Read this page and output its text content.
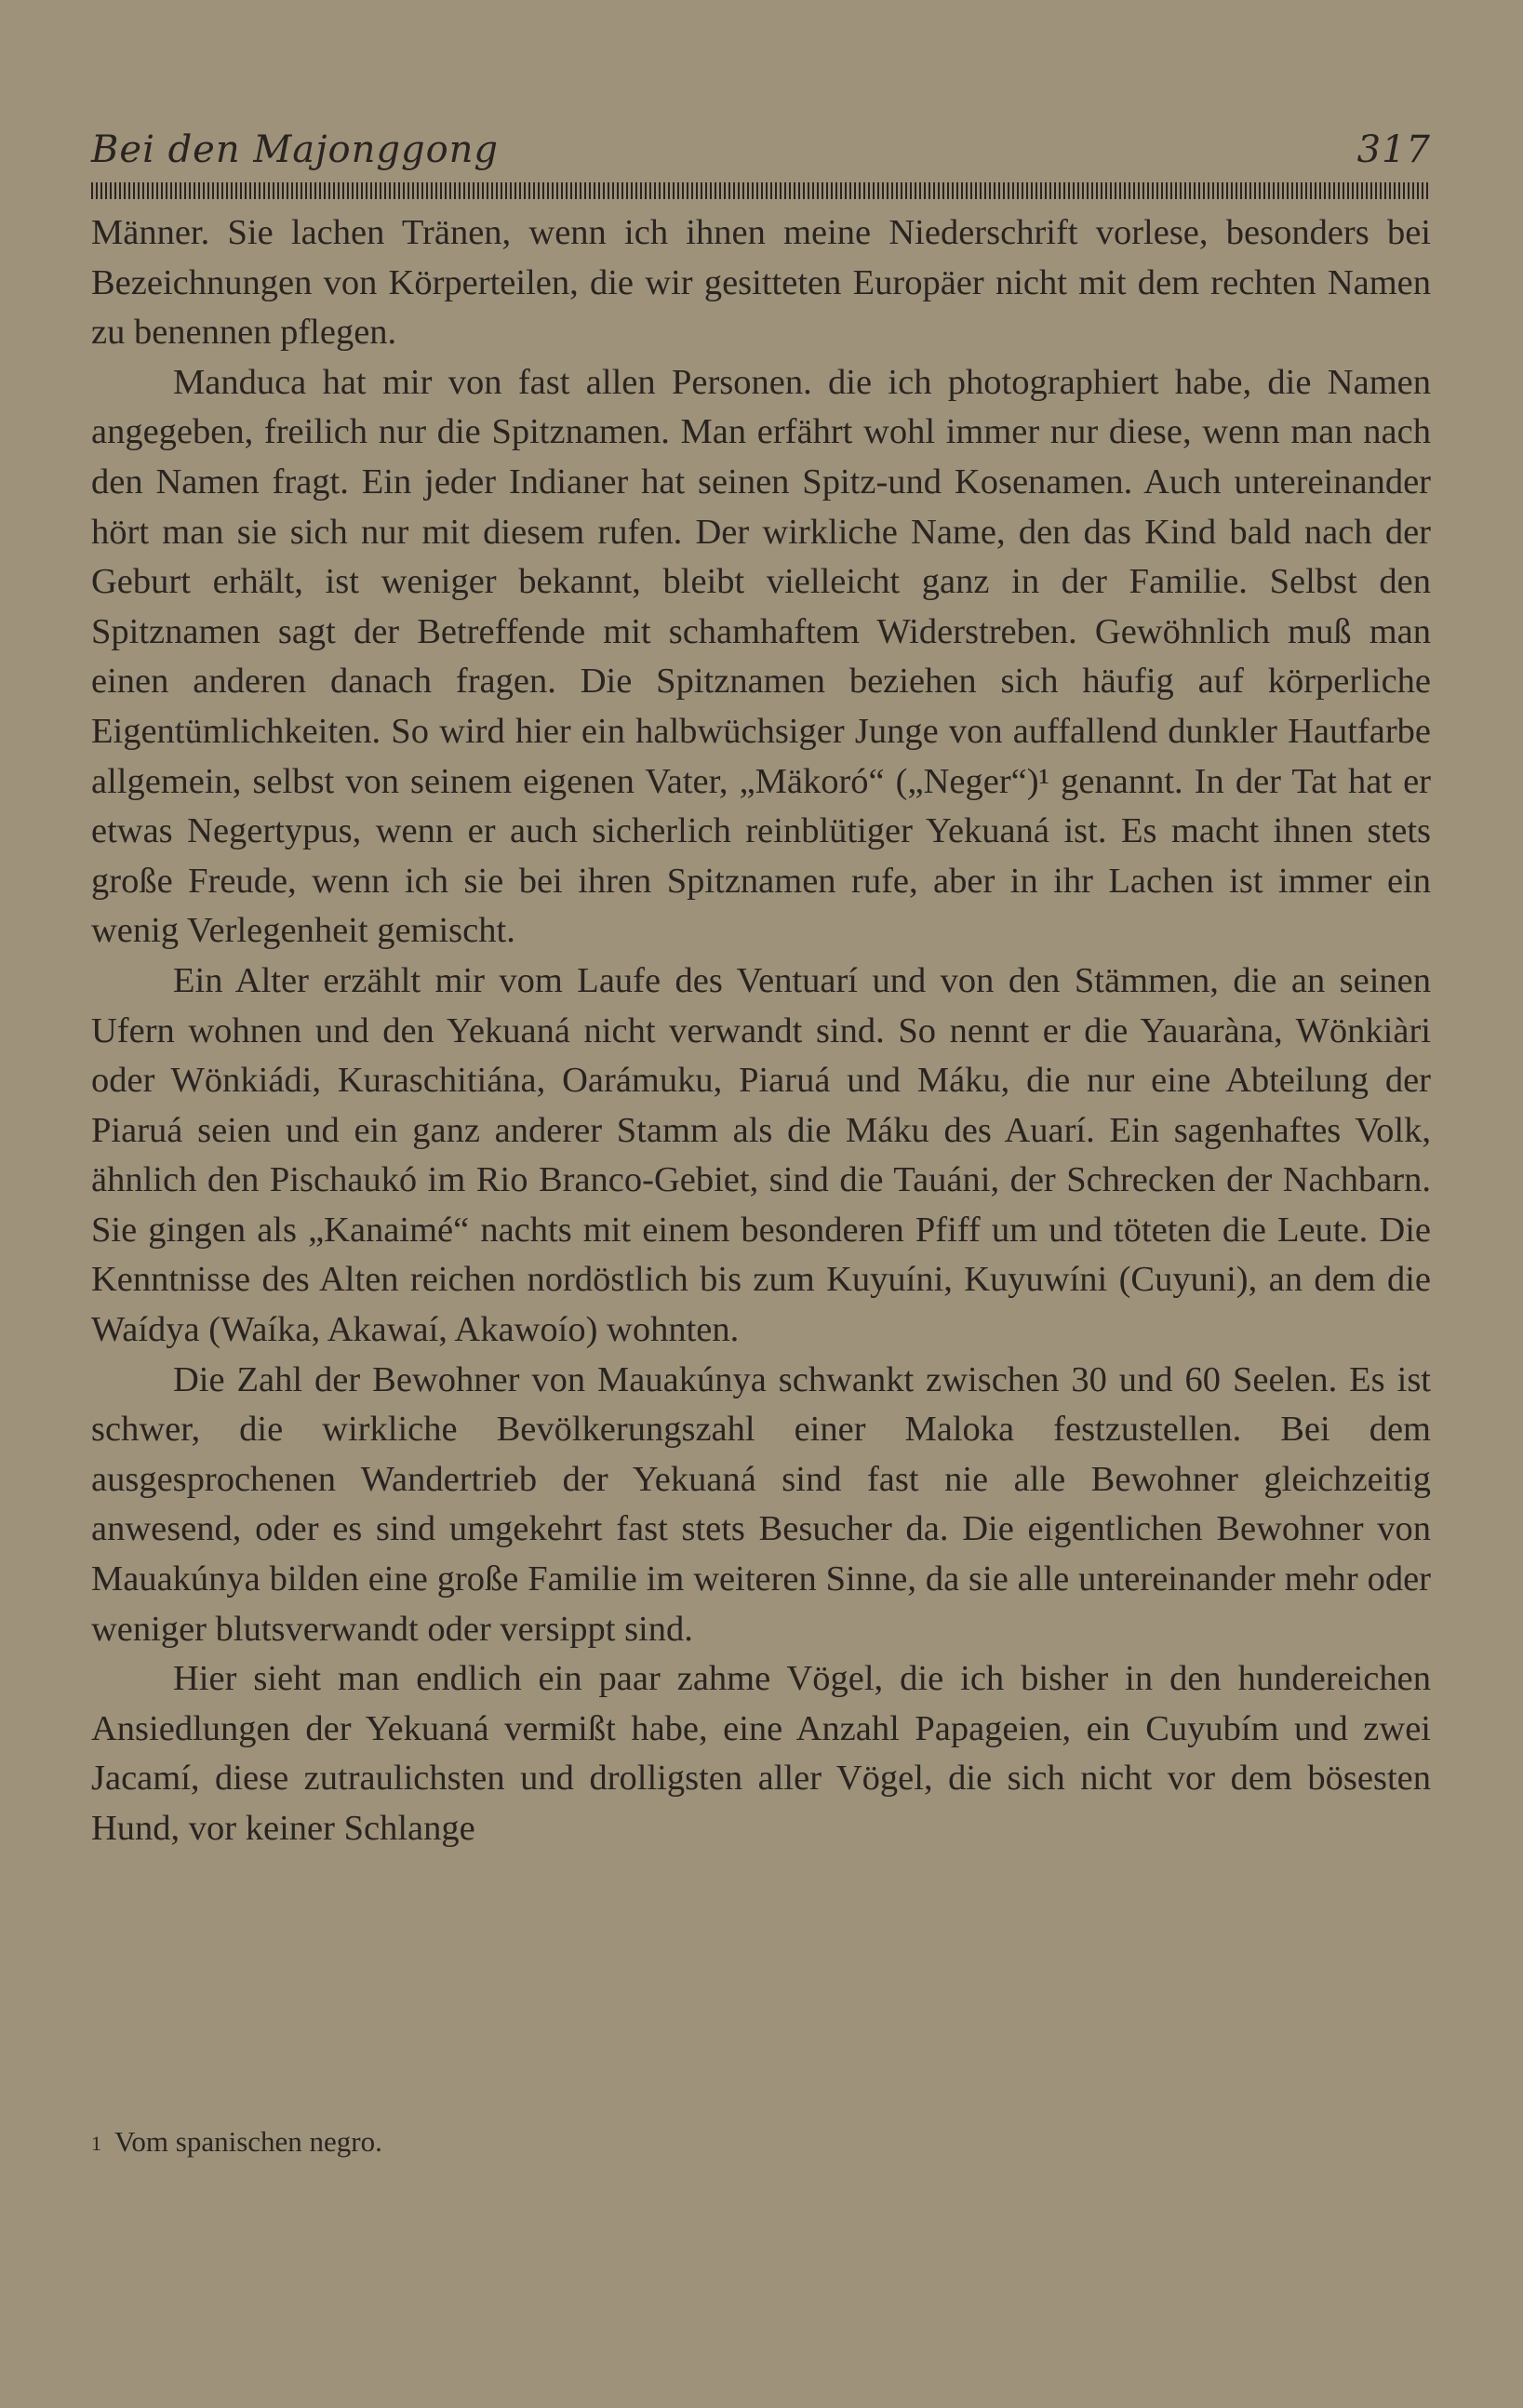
Bei den Majonggong	317

Männer. Sie lachen Tränen, wenn ich ihnen meine Niederschrift vorlese, besonders bei Bezeichnungen von Körperteilen, die wir gesitteten Europäer nicht mit dem rechten Namen zu benennen pflegen.

Manduca hat mir von fast allen Personen. die ich photographiert habe, die Namen angegeben, freilich nur die Spitznamen. Man erfährt wohl immer nur diese, wenn man nach den Namen fragt. Ein jeder Indianer hat seinen Spitz-und Kosenamen. Auch untereinander hört man sie sich nur mit diesem rufen. Der wirkliche Name, den das Kind bald nach der Geburt erhält, ist weniger bekannt, bleibt vielleicht ganz in der Familie. Selbst den Spitznamen sagt der Betreffende mit schamhaftem Widerstreben. Gewöhnlich muß man einen anderen danach fragen. Die Spitznamen beziehen sich häufig auf körperliche Eigentümlichkeiten. So wird hier ein halbwüchsiger Junge von auffallend dunkler Hautfarbe allgemein, selbst von seinem eigenen Vater, „Mäkoró“ („Neger“)¹ genannt. In der Tat hat er etwas Negertypus, wenn er auch sicherlich reinblütiger Yekuaná ist. Es macht ihnen stets große Freude, wenn ich sie bei ihren Spitznamen rufe, aber in ihr Lachen ist immer ein wenig Verlegenheit gemischt.

Ein Alter erzählt mir vom Laufe des Ventuarí und von den Stämmen, die an seinen Ufern wohnen und den Yekuaná nicht verwandt sind. So nennt er die Yauaràna, Wönkiàri oder Wönkiádi, Kuraschitiána, Oarámuku, Piaruá und Máku, die nur eine Abteilung der Piaruá seien und ein ganz anderer Stamm als die Máku des Auarí. Ein sagenhaftes Volk, ähnlich den Pischaukó im Rio Branco-Gebiet, sind die Tauáni, der Schrecken der Nachbarn. Sie gingen als „Kanaimé“ nachts mit einem besonderen Pfiff um und töteten die Leute. Die Kenntnisse des Alten reichen nordöstlich bis zum Kuyuíni, Kuyuwíni (Cuyuni), an dem die Waídya (Waíka, Akawaí, Akawoío) wohnten.

Die Zahl der Bewohner von Mauakúnya schwankt zwischen 30 und 60 Seelen. Es ist schwer, die wirkliche Bevölkerungszahl einer Maloka festzustellen. Bei dem ausgesprochenen Wandertrieb der Yekuaná sind fast nie alle Bewohner gleichzeitig anwesend, oder es sind umgekehrt fast stets Besucher da. Die eigentlichen Bewohner von Mauakúnya bilden eine große Familie im weiteren Sinne, da sie alle untereinander mehr oder weniger blutsverwandt oder versippt sind.

Hier sieht man endlich ein paar zahme Vögel, die ich bisher in den hundereichen Ansiedlungen der Yekuaná vermißt habe, eine Anzahl Papageien, ein Cuyubím und zwei Jacamí, diese zutraulichsten und drolligsten aller Vögel, die sich nicht vor dem bösesten Hund, vor keiner Schlange

$^1$ Vom spanischen negro.
